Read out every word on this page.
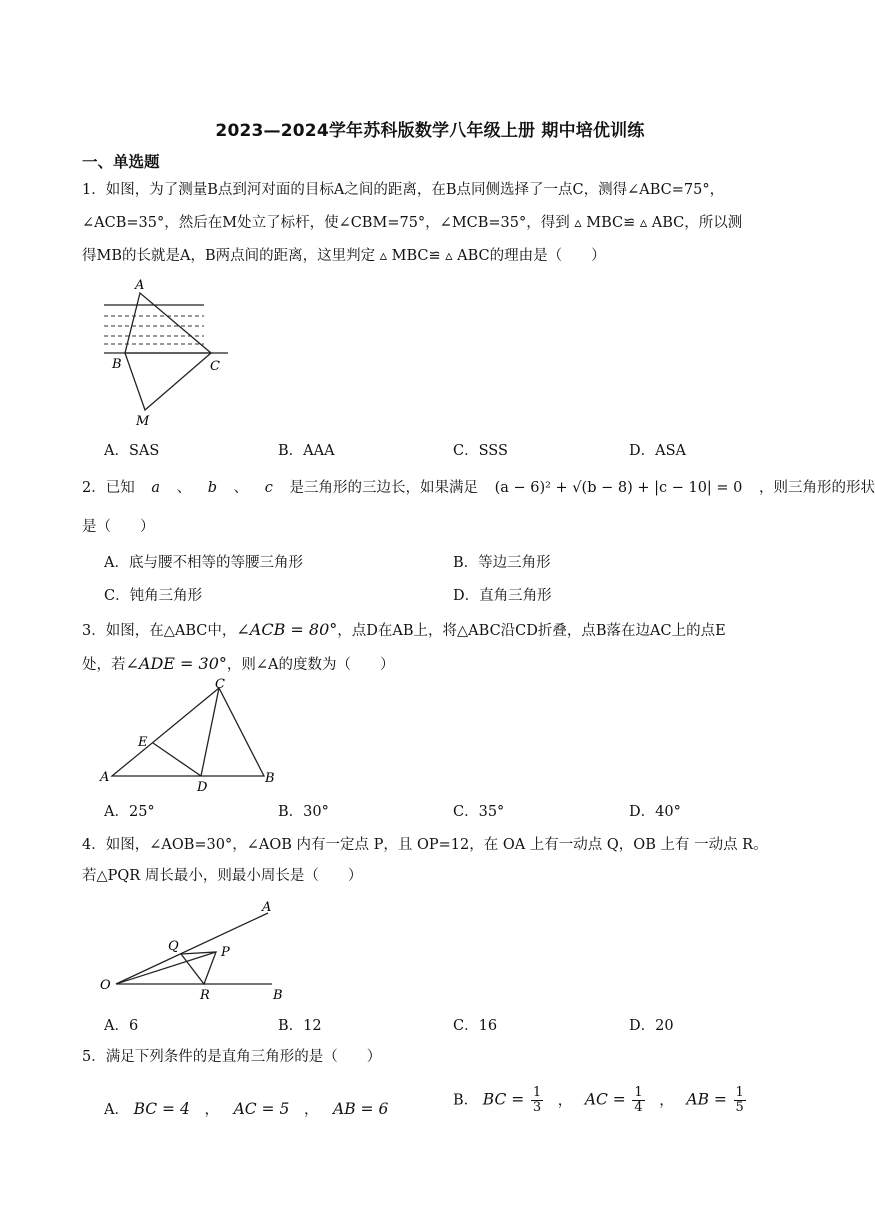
2023—2024学年苏科版数学八年级上册 期中培优训练
一、单选题
1．如图，为了测量B点到河对面的目标A之间的距离，在B点同侧选择了一点C，测得∠ABC=75°，
∠ACB=35°，然后在M处立了标杆，使∠CBM=75°，∠MCB=35°，得到 ▵ MBC≌ ▵ ABC，所以测
得MB的长就是A，B两点间的距离，这里判定 ▵ MBC≌ ▵ ABC的理由是（　　）
A
B	C
M
A．SAS	B．AAA	C．SSS	D．ASA
2．已知 a 、 b 、 c 是三角形的三边长，如果满足 (a − 6)² + √(b − 8) + |c − 10| = 0 ，则三角形的形状
是（　　）
A．底与腰不相等的等腰三角形	B．等边三角形
C．钝角三角形	D．直角三角形
3．如图，在△ABC中，∠ACB = 80°，点D在AB上，将△ABC沿CD折叠，点B落在边AC上的点E
处，若∠ADE = 30°，则∠A的度数为（　　）
A	B
C
D
E
A．25°	B．30°	C．35°	D．40°
4．如图，∠AOB=30°，∠AOB 内有一定点 P，且 OP=12，在 OA 上有一动点 Q，OB 上有 一动点 R。
若△PQR 周长最小，则最小周长是（　　）
A
O
Q	P
R	B
A．6	B．12	C．16	D．20
5．满足下列条件的是直角三角形的是（　　）
A． BC = 4 ， AC = 5 ， AB = 6	B． BC = $\frac{1}{3}$ ， AC = $\frac{1}{4}$ ， AB = $\frac{1}{5}$
